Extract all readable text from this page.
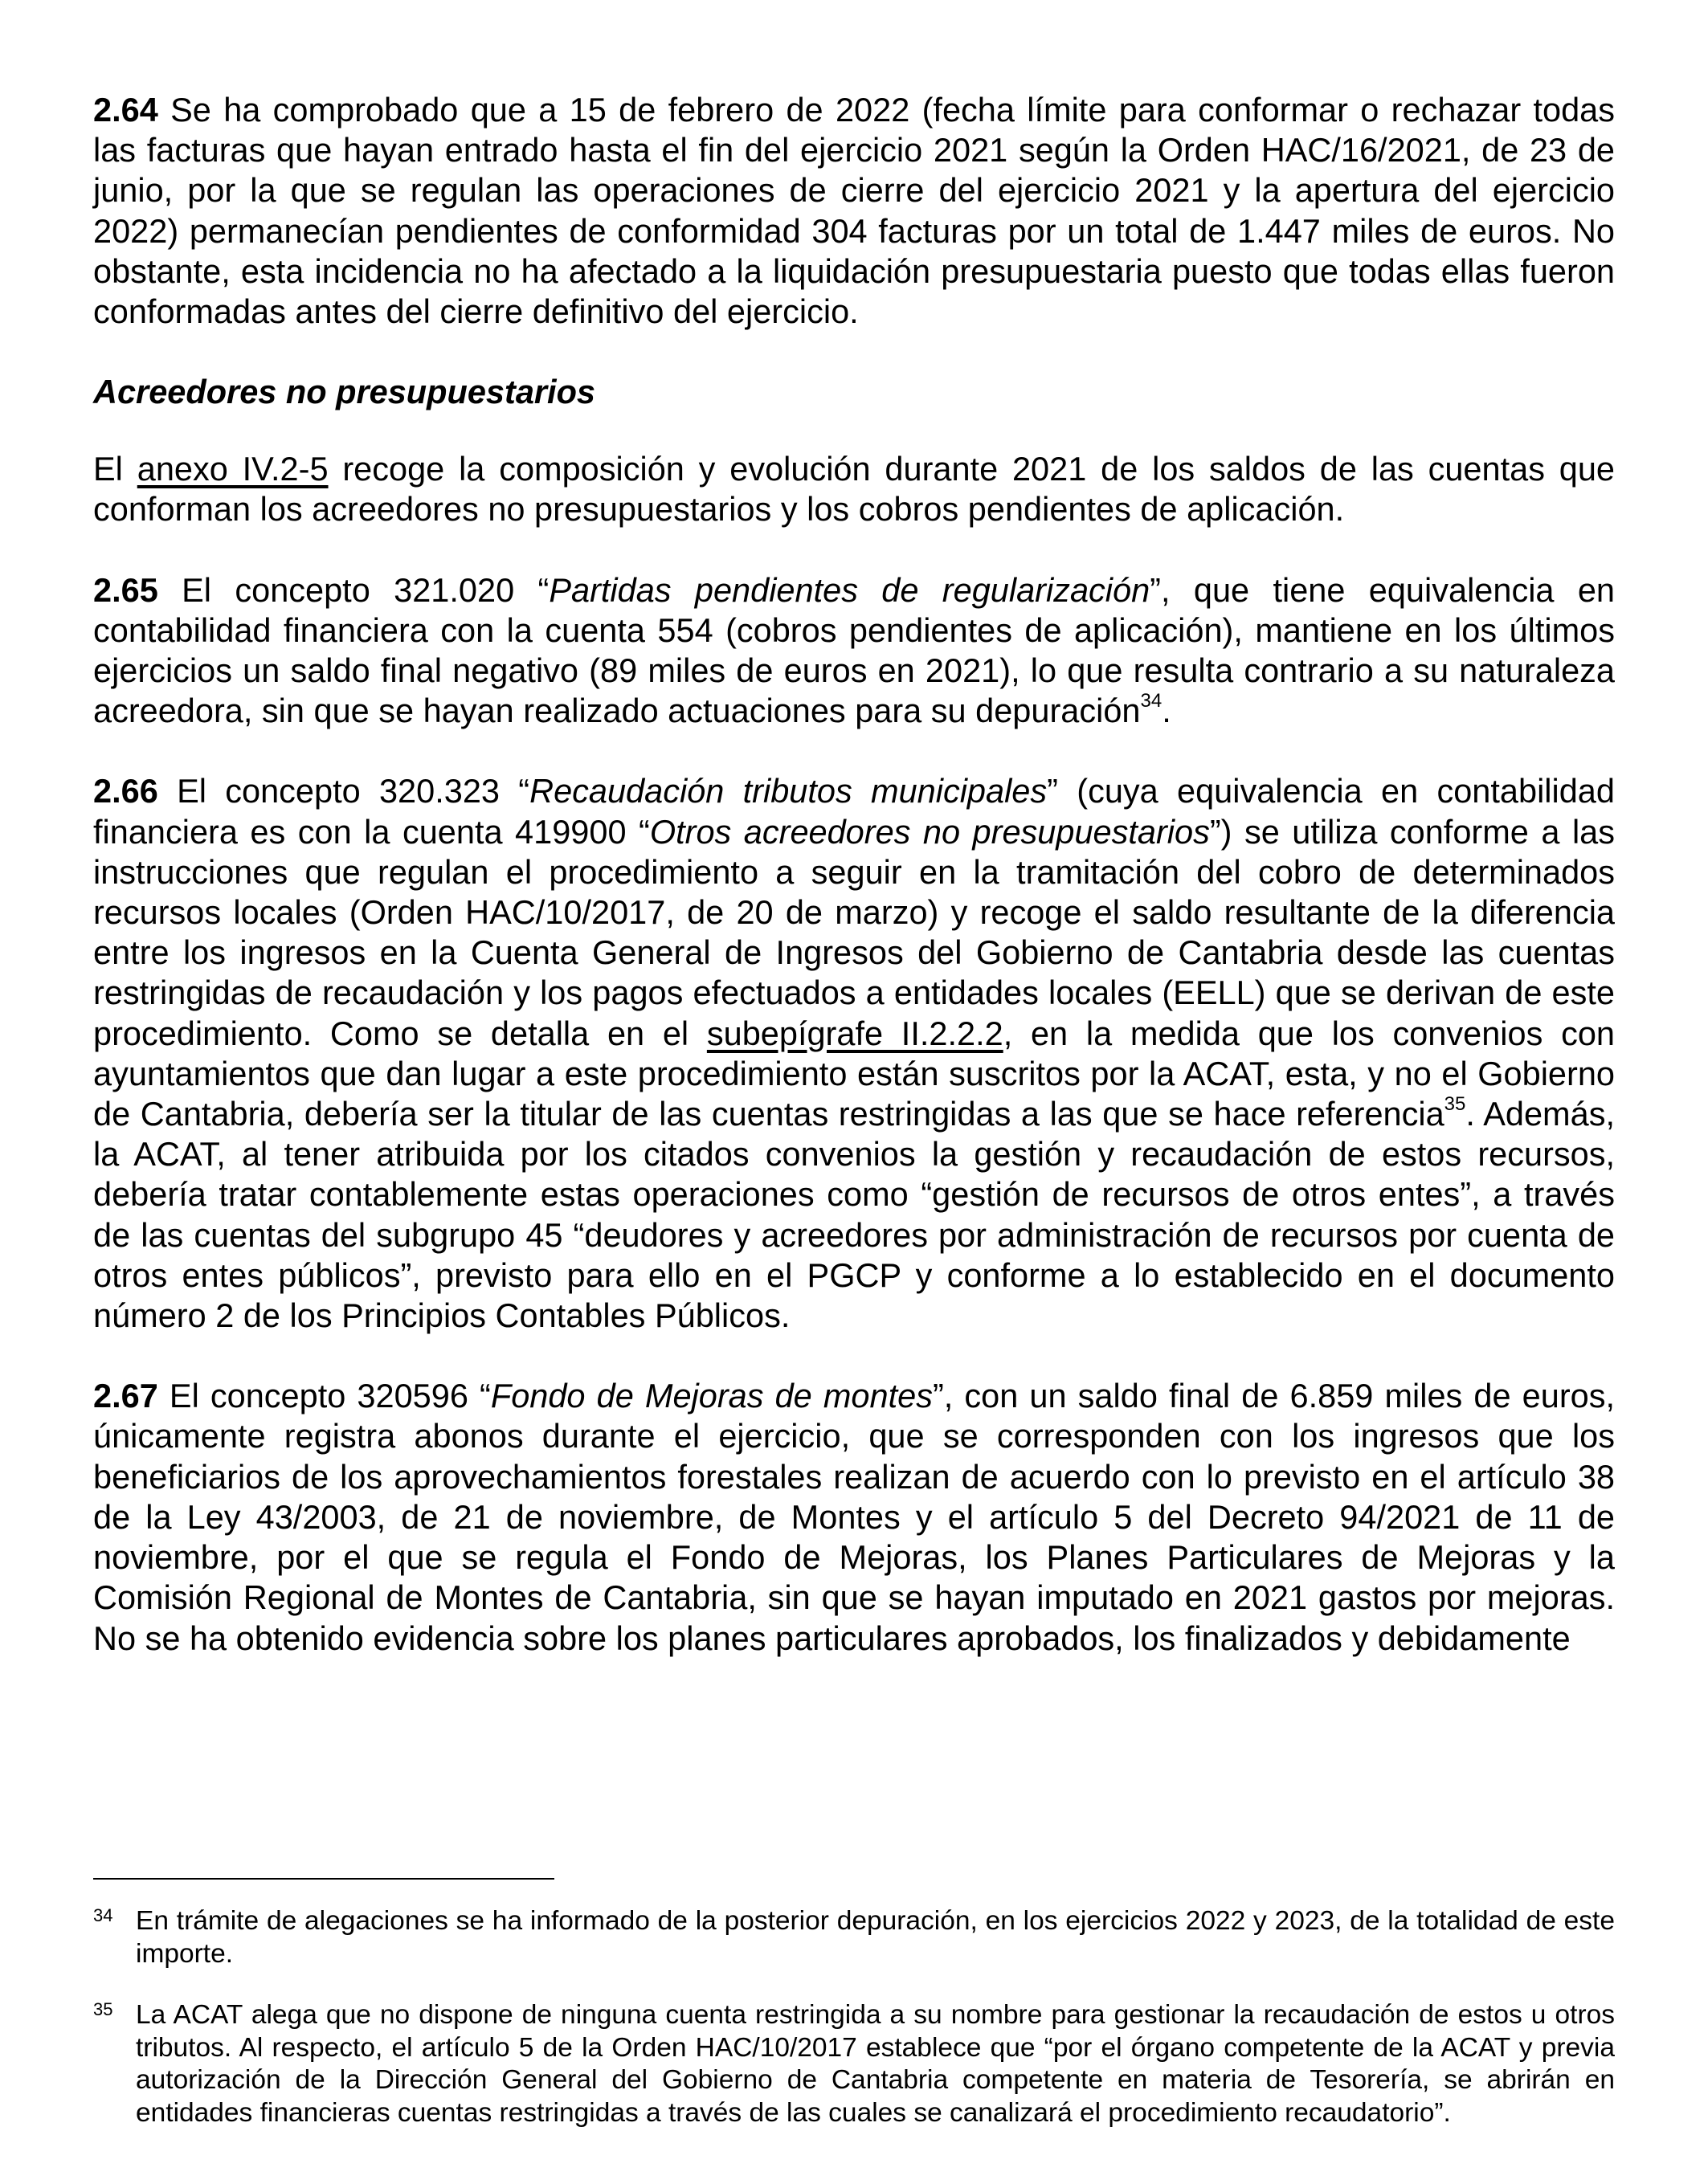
2.64 Se ha comprobado que a 15 de febrero de 2022 (fecha límite para conformar o rechazar todas las facturas que hayan entrado hasta el fin del ejercicio 2021 según la Orden HAC/16/2021, de 23 de junio, por la que se regulan las operaciones de cierre del ejercicio 2021 y la apertura del ejercicio 2022) permanecían pendientes de conformidad 304 facturas por un total de 1.447 miles de euros. No obstante, esta incidencia no ha afectado a la liquidación presupuestaria puesto que todas ellas fueron conformadas antes del cierre definitivo del ejercicio.

Acreedores no presupuestarios

El anexo IV.2-5 recoge la composición y evolución durante 2021 de los saldos de las cuentas que conforman los acreedores no presupuestarios y los cobros pendientes de aplicación.

2.65 El concepto 321.020 “Partidas pendientes de regularización”, que tiene equivalencia en contabilidad financiera con la cuenta 554 (cobros pendientes de aplicación), mantiene en los últimos ejercicios un saldo final negativo (89 miles de euros en 2021), lo que resulta contrario a su naturaleza acreedora, sin que se hayan realizado actuaciones para su depuración$^{34}$.

2.66 El concepto 320.323 “Recaudación tributos municipales” (cuya equivalencia en contabilidad financiera es con la cuenta 419900 “Otros acreedores no presupuestarios”) se utiliza conforme a las instrucciones que regulan el procedimiento a seguir en la tramitación del cobro de determinados recursos locales (Orden HAC/10/2017, de 20 de marzo) y recoge el saldo resultante de la diferencia entre los ingresos en la Cuenta General de Ingresos del Gobierno de Cantabria desde las cuentas restringidas de recaudación y los pagos efectuados a entidades locales (EELL) que se derivan de este procedimiento. Como se detalla en el subepígrafe II.2.2.2, en la medida que los convenios con ayuntamientos que dan lugar a este procedimiento están suscritos por la ACAT, esta, y no el Gobierno de Cantabria, debería ser la titular de las cuentas restringidas a las que se hace referencia$^{35}$. Además, la ACAT, al tener atribuida por los citados convenios la gestión y recaudación de estos recursos, debería tratar contablemente estas operaciones como “gestión de recursos de otros entes”, a través de las cuentas del subgrupo 45 “deudores y acreedores por administración de recursos por cuenta de otros entes públicos”, previsto para ello en el PGCP y conforme a lo establecido en el documento número 2 de los Principios Contables Públicos.

2.67 El concepto 320596 “Fondo de Mejoras de montes”, con un saldo final de 6.859 miles de euros, únicamente registra abonos durante el ejercicio, que se corresponden con los ingresos que los beneficiarios de los aprovechamientos forestales realizan de acuerdo con lo previsto en el artículo 38 de la Ley 43/2003, de 21 de noviembre, de Montes y el artículo 5 del Decreto 94/2021 de 11 de noviembre, por el que se regula el Fondo de Mejoras, los Planes Particulares de Mejoras y la Comisión Regional de Montes de Cantabria, sin que se hayan imputado en 2021 gastos por mejoras. No se ha obtenido evidencia sobre los planes particulares aprobados, los finalizados y debidamente

34 En trámite de alegaciones se ha informado de la posterior depuración, en los ejercicios 2022 y 2023, de la totalidad de este importe.
35 La ACAT alega que no dispone de ninguna cuenta restringida a su nombre para gestionar la recaudación de estos u otros tributos. Al respecto, el artículo 5 de la Orden HAC/10/2017 establece que “por el órgano competente de la ACAT y previa autorización de la Dirección General del Gobierno de Cantabria competente en materia de Tesorería, se abrirán en entidades financieras cuentas restringidas a través de las cuales se canalizará el procedimiento recaudatorio”.
